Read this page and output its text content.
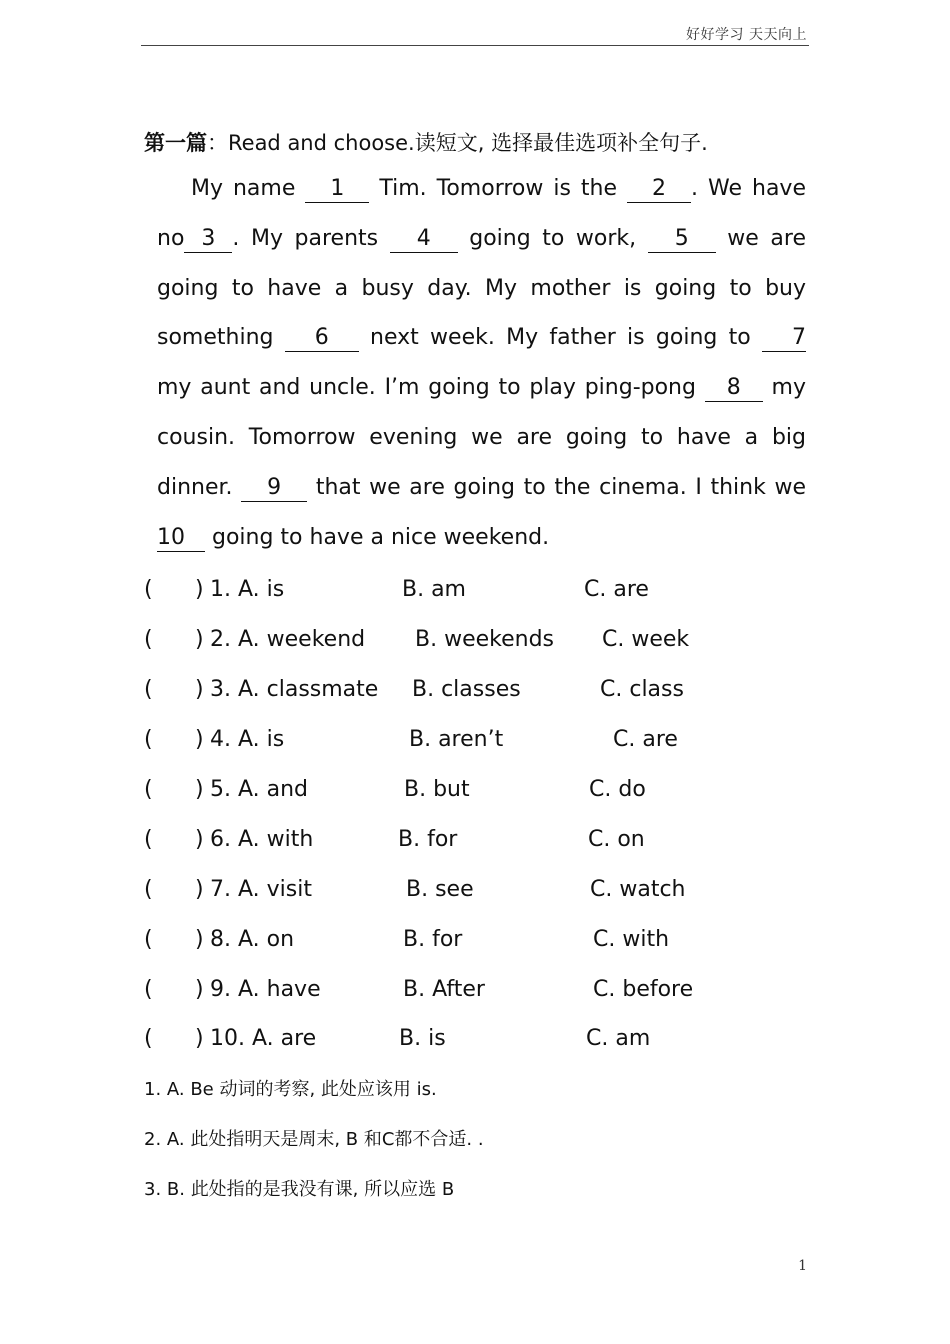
好好学习 天天向上
第一篇：Read and choose.读短文, 选择最佳选项补全句子.

My name 1 Tim. Tomorrow is the 2 . We have no 3 . My parents 4 going to work, 5 we are going to have a busy day. My mother is going to buy something 6 next week. My father is going to 7 my aunt and uncle. I’m going to play ping-pong 8 my cousin. Tomorrow evening we are going to have a big dinner. 9 that we are going to the cinema. I think we 10 going to have a nice weekend.

( ) 1. A. is	B. am	C. are
( ) 2. A. weekend B. weekends C. week
( ) 3. A. classmate B. classes	C. class
( ) 4. A. is	B. aren’t	C. are
( ) 5. A. and	B. but	C. do
( ) 6. A. with	B. for	C. on
( ) 7. A. visit	B. see	C. watch
( ) 8. A. on	B. for	C. with
( ) 9. A. have	B. After	C. before
( ) 10. A. are	B. is	C. am
1. A. Be 动词的考察, 此处应该用 is.
2. A. 此处指明天是周末, B 和C都不合适. .
3. B. 此处指的是我没有课, 所以应选 B
1
